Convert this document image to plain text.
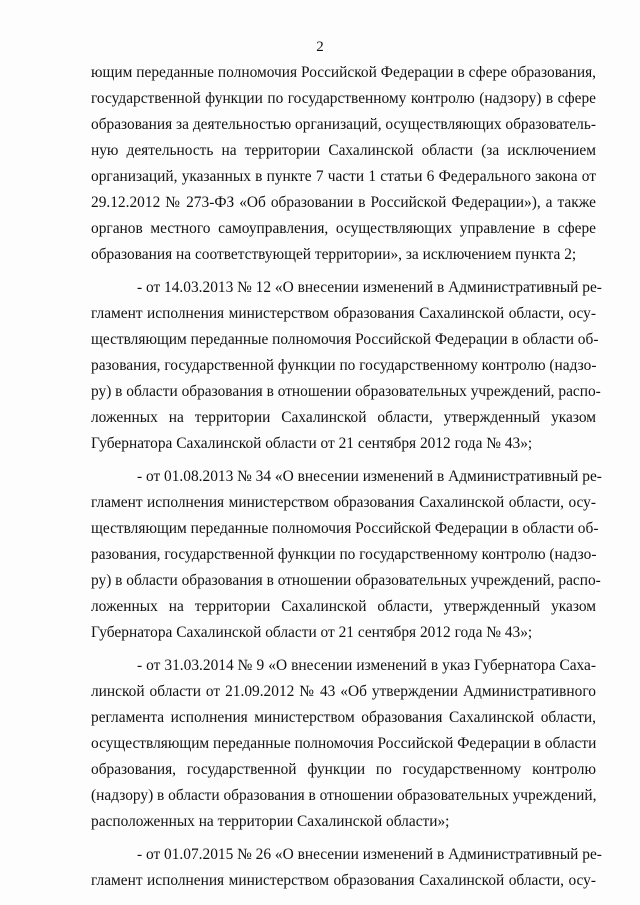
2
ющим переданные полномочия Российской Федерации в сфере образования,
государственной функции по государственному контролю (надзору) в сфере
образования за деятельностью организаций, осуществляющих образователь-
ную деятельность на территории Сахалинской области (за исключением
организаций, указанных в пункте 7 части 1 статьи 6 Федерального закона от
29.12.2012 № 273-ФЗ «Об образовании в Российской Федерации»), а также
органов местного самоуправления, осуществляющих управление в сфере
образования на соответствующей территории», за исключением пункта 2;
- от 14.03.2013 № 12 «О внесении изменений в Административный ре-
гламент исполнения министерством образования Сахалинской области, осу-
ществляющим переданные полномочия Российской Федерации в области об-
разования, государственной функции по государственному контролю (надзо-
ру) в области образования в отношении образовательных учреждений, распо-
ложенных на территории Сахалинской области, утвержденный указом
Губернатора Сахалинской области от 21 сентября 2012 года № 43»;
- от 01.08.2013 № 34 «О внесении изменений в Административный ре-
гламент исполнения министерством образования Сахалинской области, осу-
ществляющим переданные полномочия Российской Федерации в области об-
разования, государственной функции по государственному контролю (надзо-
ру) в области образования в отношении образовательных учреждений, распо-
ложенных на территории Сахалинской области, утвержденный указом
Губернатора Сахалинской области от 21 сентября 2012 года № 43»;
- от 31.03.2014 № 9 «О внесении изменений в указ Губернатора Саха-
линской области от 21.09.2012 № 43 «Об утверждении Административного
регламента исполнения министерством образования Сахалинской области,
осуществляющим переданные полномочия Российской Федерации в области
образования, государственной функции по государственному контролю
(надзору) в области образования в отношении образовательных учреждений,
расположенных на территории Сахалинской области»;
- от 01.07.2015 № 26 «О внесении изменений в Административный ре-
гламент исполнения министерством образования Сахалинской области, осу-
